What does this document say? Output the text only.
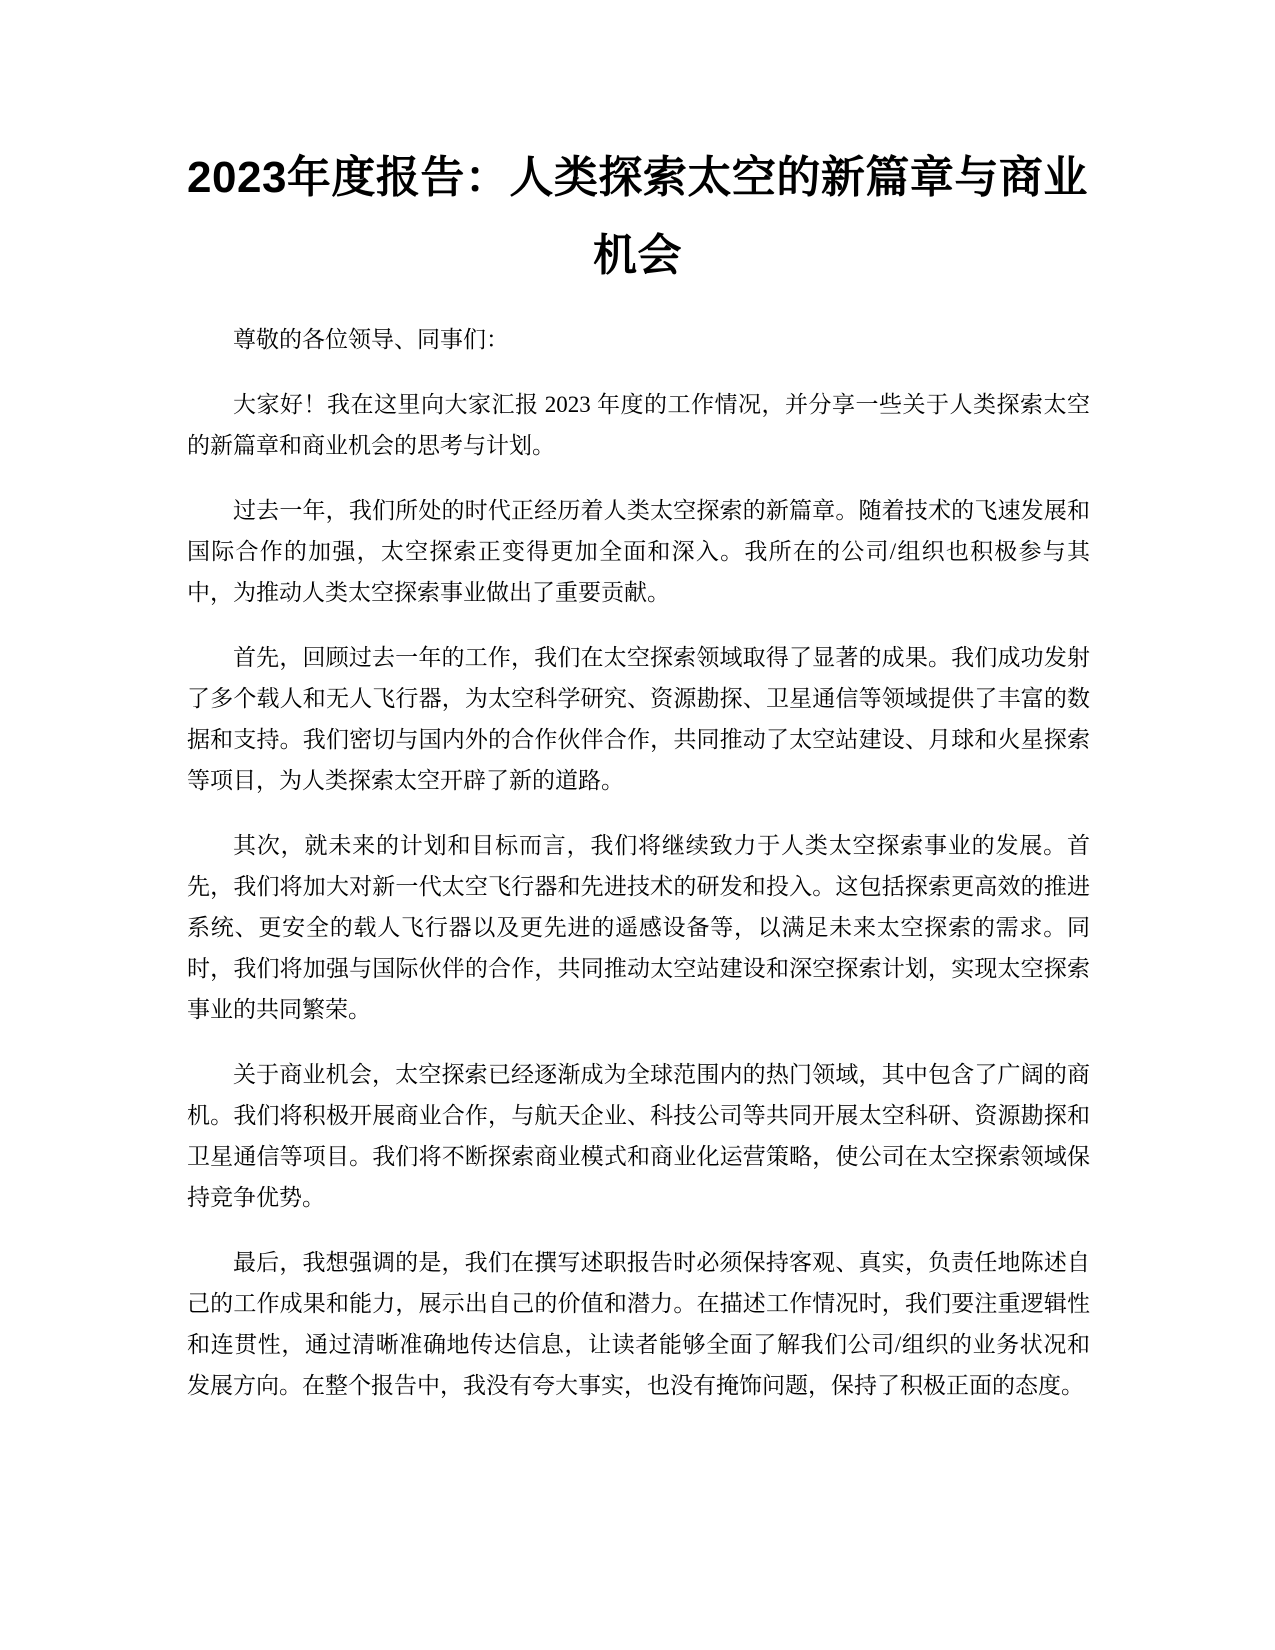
2023年度报告：人类探索太空的新篇章与商业机会

尊敬的各位领导、同事们：

大家好！我在这里向大家汇报 2023 年度的工作情况，并分享一些关于人类探索太空的新篇章和商业机会的思考与计划。

过去一年，我们所处的时代正经历着人类太空探索的新篇章。随着技术的飞速发展和国际合作的加强，太空探索正变得更加全面和深入。我所在的公司/组织也积极参与其中，为推动人类太空探索事业做出了重要贡献。

首先，回顾过去一年的工作，我们在太空探索领域取得了显著的成果。我们成功发射了多个载人和无人飞行器，为太空科学研究、资源勘探、卫星通信等领域提供了丰富的数据和支持。我们密切与国内外的合作伙伴合作，共同推动了太空站建设、月球和火星探索等项目，为人类探索太空开辟了新的道路。

其次，就未来的计划和目标而言，我们将继续致力于人类太空探索事业的发展。首先，我们将加大对新一代太空飞行器和先进技术的研发和投入。这包括探索更高效的推进系统、更安全的载人飞行器以及更先进的遥感设备等，以满足未来太空探索的需求。同时，我们将加强与国际伙伴的合作，共同推动太空站建设和深空探索计划，实现太空探索事业的共同繁荣。

关于商业机会，太空探索已经逐渐成为全球范围内的热门领域，其中包含了广阔的商机。我们将积极开展商业合作，与航天企业、科技公司等共同开展太空科研、资源勘探和卫星通信等项目。我们将不断探索商业模式和商业化运营策略，使公司在太空探索领域保持竞争优势。

最后，我想强调的是，我们在撰写述职报告时必须保持客观、真实，负责任地陈述自己的工作成果和能力，展示出自己的价值和潜力。在描述工作情况时，我们要注重逻辑性和连贯性，通过清晰准确地传达信息，让读者能够全面了解我们公司/组织的业务状况和发展方向。在整个报告中，我没有夸大事实，也没有掩饰问题，保持了积极正面的态度。
